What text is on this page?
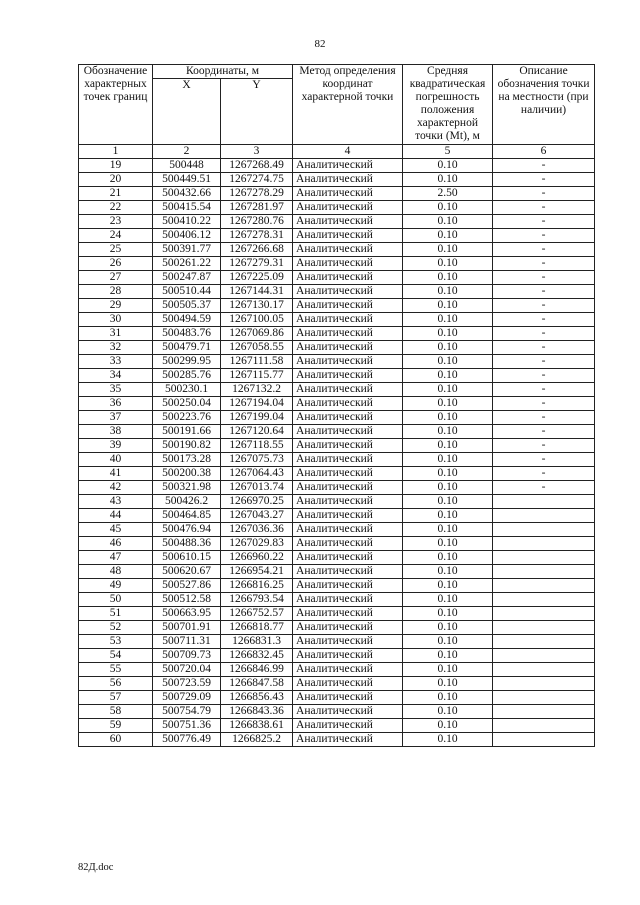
82
Обозначение характерных точек границ	Координаты, м		Метод определения координат характерной точки	Средняя квадратическая погрешность положения характерной точки (Mt), м	Описание обозначения точки на местности (при наличии)
	X	Y			
1	2	3	4	5	6
19	500448	1267268.49	Аналитический	0.10	-
20	500449.51	1267274.75	Аналитический	0.10	-
21	500432.66	1267278.29	Аналитический	2.50	-
22	500415.54	1267281.97	Аналитический	0.10	-
23	500410.22	1267280.76	Аналитический	0.10	-
24	500406.12	1267278.31	Аналитический	0.10	-
25	500391.77	1267266.68	Аналитический	0.10	-
26	500261.22	1267279.31	Аналитический	0.10	-
27	500247.87	1267225.09	Аналитический	0.10	-
28	500510.44	1267144.31	Аналитический	0.10	-
29	500505.37	1267130.17	Аналитический	0.10	-
30	500494.59	1267100.05	Аналитический	0.10	-
31	500483.76	1267069.86	Аналитический	0.10	-
32	500479.71	1267058.55	Аналитический	0.10	-
33	500299.95	1267111.58	Аналитический	0.10	-
34	500285.76	1267115.77	Аналитический	0.10	-
35	500230.1	1267132.2	Аналитический	0.10	-
36	500250.04	1267194.04	Аналитический	0.10	-
37	500223.76	1267199.04	Аналитический	0.10	-
38	500191.66	1267120.64	Аналитический	0.10	-
39	500190.82	1267118.55	Аналитический	0.10	-
40	500173.28	1267075.73	Аналитический	0.10	-
41	500200.38	1267064.43	Аналитический	0.10	-
42	500321.98	1267013.74	Аналитический	0.10	-
43	500426.2	1266970.25	Аналитический	0.10	
44	500464.85	1267043.27	Аналитический	0.10	
45	500476.94	1267036.36	Аналитический	0.10	
46	500488.36	1267029.83	Аналитический	0.10	
47	500610.15	1266960.22	Аналитический	0.10	
48	500620.67	1266954.21	Аналитический	0.10	
49	500527.86	1266816.25	Аналитический	0.10	
50	500512.58	1266793.54	Аналитический	0.10	
51	500663.95	1266752.57	Аналитический	0.10	
52	500701.91	1266818.77	Аналитический	0.10	
53	500711.31	1266831.3	Аналитический	0.10	
54	500709.73	1266832.45	Аналитический	0.10	
55	500720.04	1266846.99	Аналитический	0.10	
56	500723.59	1266847.58	Аналитический	0.10	
57	500729.09	1266856.43	Аналитический	0.10	
58	500754.79	1266843.36	Аналитический	0.10	
59	500751.36	1266838.61	Аналитический	0.10	
60	500776.49	1266825.2	Аналитический	0.10	
82Д.doc
